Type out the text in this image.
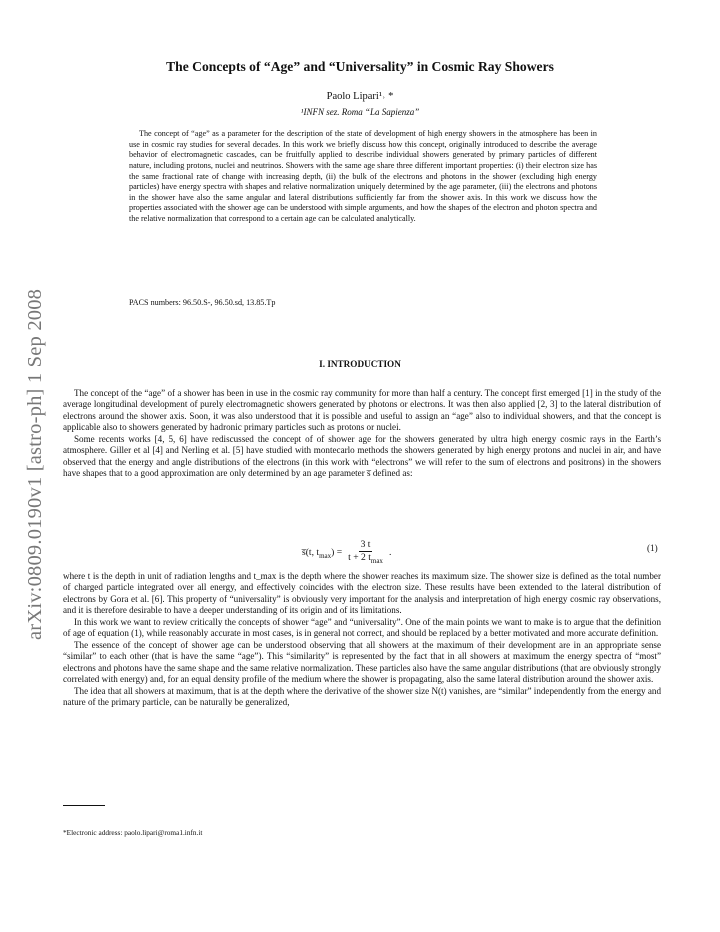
arXiv:0809.0190v1 [astro-ph] 1 Sep 2008
The Concepts of “Age” and “Universality” in Cosmic Ray Showers
Paolo Lipari¹˒ *
¹INFN sez. Roma “La Sapienza”
The concept of “age” as a parameter for the description of the state of development of high energy showers in the atmosphere has been in use in cosmic ray studies for several decades. In this work we briefly discuss how this concept, originally introduced to describe the average behavior of electromagnetic cascades, can be fruitfully applied to describe individual showers generated by primary particles of different nature, including protons, nuclei and neutrinos. Showers with the same age share three different important properties: (i) their electron size has the same fractional rate of change with increasing depth, (ii) the bulk of the electrons and photons in the shower (excluding high energy particles) have energy spectra with shapes and relative normalization uniquely determined by the age parameter, (iii) the electrons and photons in the shower have also the same angular and lateral distributions sufficiently far from the shower axis. In this work we discuss how the properties associated with the shower age can be understood with simple arguments, and how the shapes of the electron and photon spectra and the relative normalization that correspond to a certain age can be calculated analytically.
PACS numbers: 96.50.S-, 96.50.sd, 13.85.Tp
I. INTRODUCTION

The concept of the “age” of a shower has been in use in the cosmic ray community for more than half a century. The concept first emerged [1] in the study of the average longitudinal development of purely electromagnetic showers generated by photons or electrons. It was then also applied [2, 3] to the lateral distribution of electrons around the shower axis. Soon, it was also understood that it is possible and useful to assign an “age” also to individual showers, and that the concept is applicable also to showers generated by hadronic primary particles such as protons or nuclei.

Some recents works [4, 5, 6] have rediscussed the concept of of shower age for the showers generated by ultra high energy cosmic rays in the Earth’s atmosphere. Giller et al [4] and Nerling et al. [5] have studied with montecarlo methods the showers generated by high energy protons and nuclei in air, and have observed that the energy and angle distributions of the electrons (in this work with “electrons” we will refer to the sum of electrons and positrons) in the showers have shapes that to a good approximation are only determined by an age parameter s̅ defined as:

s̅(t, $t_{max}) = \frac{3 t}{t + 2 t_{max}}$ .	(1)

where t is the depth in unit of radiation lengths and t_max is the depth where the shower reaches its maximum size. The shower size is defined as the total number of charged particle integrated over all energy, and effectively coincides with the electron size. These results have been extended to the lateral distribution of electrons by Gora et al. [6]. This property of “universality” is obviously very important for the analysis and interpretation of high energy cosmic ray observations, and it is therefore desirable to have a deeper understanding of its origin and of its limitations.

In this work we want to review critically the concepts of shower “age” and “universality”. One of the main points we want to make is to argue that the definition of age of equation (1), while reasonably accurate in most cases, is in general not correct, and should be replaced by a better motivated and more accurate definition.

The essence of the concept of shower age can be understood observing that all showers at the maximum of their development are in an appropriate sense “similar” to each other (that is have the same “age”). This “similarity” is represented by the fact that in all showers at maximum the energy spectra of “most” electrons and photons have the same shape and the same relative normalization. These particles also have the same angular distributions (that are obviously strongly correlated with energy) and, for an equal density profile of the medium where the shower is propagating, also the same lateral distribution around the shower axis.

The idea that all showers at maximum, that is at the depth where the derivative of the shower size N(t) vanishes, are “similar” independently from the energy and nature of the primary particle, can be naturally be generalized,

*Electronic address: paolo.lipari@roma1.infn.it
